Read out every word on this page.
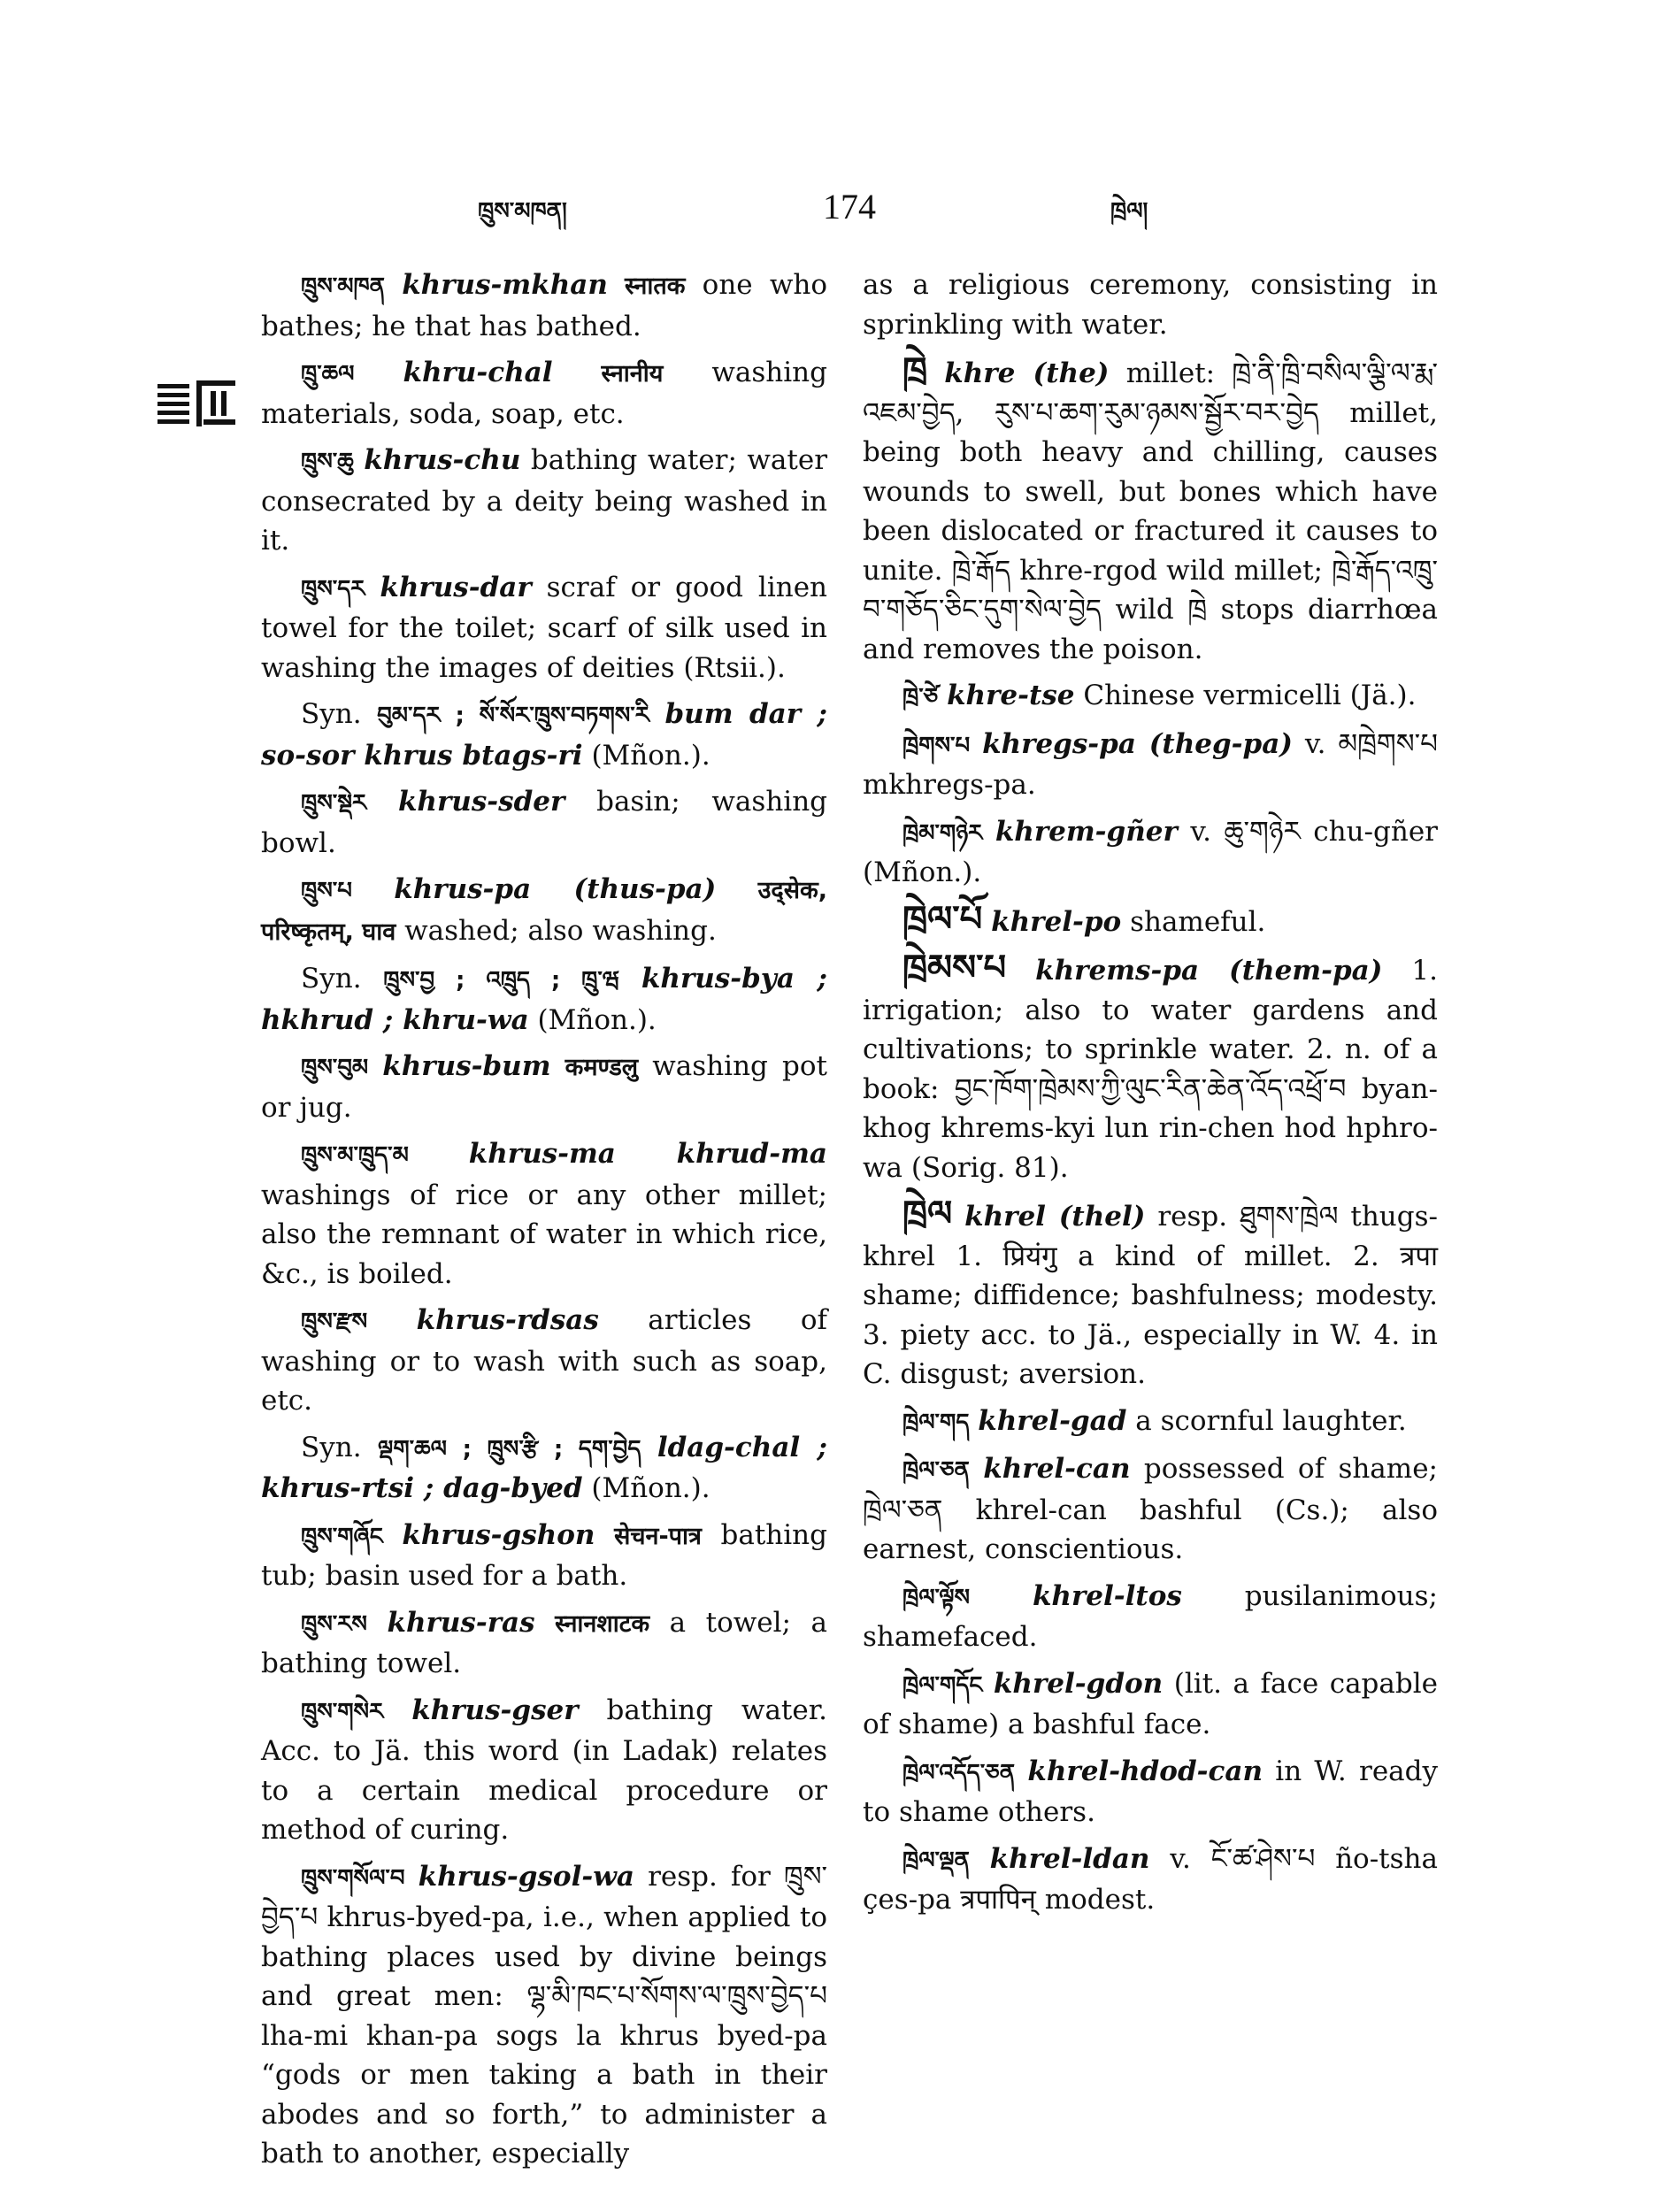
ཁྲུས་མཁན།	174	ཁྲེལ།

ཁྲུས་མཁན khrus-mkhan स्नातक one who bathes; he that has bathed.

ཁྲུ་ཆལ khru-chal स्नानीय washing materials, soda, soap, etc.

ཁྲུས་ཆུ khrus-chu bathing water; water consecrated by a deity being washed in it.

ཁྲུས་དར khrus-dar scraf or good linen towel for the toilet; scarf of silk used in washing the images of deities (Rtsii.).

Syn. བུམ་དར ; སོ་སོར་ཁྲུས་བཏགས་རི bum dar ; so-sor khrus btags-ri (Mñon.).

ཁྲུས་སྡེར khrus-sder basin; washing bowl.

ཁྲུས་པ khrus-pa (thus-pa) उद्सेक, परिष्कृतम्, घाव washed; also washing.

Syn. ཁྲུས་བྱ ; འཁྲུད ; ཁྲུ་ཝ khrus-bya ; hkhrud ; khru-wa (Mñon.).

ཁྲུས་བུམ khrus-bum कमण्डलु washing pot or jug.

ཁྲུས་མ་ཁྲུད་མ khrus-ma khrud-ma washings of rice or any other millet; also the remnant of water in which rice, &c., is boiled.

ཁྲུས་རྫས khrus-rdsas articles of washing or to wash with such as soap, etc.

Syn. ལྡག་ཆལ ; ཁྲུས་རྩི ; དག་བྱེད ldag-chal ; khrus-rtsi ; dag-byed (Mñon.).

ཁྲུས་གཞོང khrus-gshon सेचन-पात्र bathing tub; basin used for a bath.

ཁྲུས་རས khrus-ras स्नानशाटक a towel; a bathing towel.

ཁྲུས་གསེར khrus-gser bathing water. Acc. to Jä. this word (in Ladak) relates to a certain medical procedure or method of curing.

ཁྲུས་གསོལ་བ khrus-gsol-wa resp. for ཁྲུས་བྱེད་པ khrus-byed-pa, i.e., when applied to bathing places used by divine beings and great men: ལྷ་མི་ཁང་པ་སོགས་ལ་ཁྲུས་བྱེད་པ lha-mi khan-pa sogs la khrus byed-pa “gods or men taking a bath in their abodes and so forth,” to administer a bath to another, especially

as a religious ceremony, consisting in sprinkling with water.

ཁྲེ khre (the) millet: ཁྲེ་ནི་ཁྲི་བསིལ་ལྕི་ལ་རྨ་འཇམ་བྱེད, རུས་པ་ཆག་རུམ་ཉམས་སྦྱོར་བར་བྱེད millet, being both heavy and chilling, causes wounds to swell, but bones which have been dislocated or fractured it causes to unite. ཁྲེ་རྒོད khre-rgod wild millet; ཁྲེ་རྒོད་འཁྲུ་བ་གཅོད་ཅིང་དུག་སེལ་བྱེད wild ཁྲེ stops diarrhœa and removes the poison.

ཁྲེ་ཙེ khre-tse Chinese vermicelli (Jä.).

ཁྲེགས་པ khregs-pa (theg-pa) v. མཁྲེགས་པ mkhregs-pa.

ཁྲེམ་གཉེར khrem-gñer v. ཆུ་གཉེར chu-gñer (Mñon.).

ཁྲེལ་པོ khrel-po shameful.

ཁྲེམས་པ khrems-pa (them-pa) 1. irrigation; also to water gardens and cultivations; to sprinkle water. 2. n. of a book: བྱང་ཁོག་ཁྲེམས་ཀྱི་ལུང་རིན་ཆེན་འོད་འཕྲོ་བ byan-khog khrems-kyi lun rin-chen hod hphro-wa (Sorig. 81).

ཁྲེལ khrel (thel) resp. ཐུགས་ཁྲེལ thugs-khrel 1. प्रियंगु a kind of millet. 2. त्रपा shame; diffidence; bashfulness; modesty. 3. piety acc. to Jä., especially in W. 4. in C. disgust; aversion.

ཁྲེལ་གད khrel-gad a scornful laughter.

ཁྲེལ་ཅན khrel-can possessed of shame; ཁྲེལ་ཅན khrel-can bashful (Cs.); also earnest, conscientious.

ཁྲེལ་ལྟོས khrel-ltos pusilanimous; shamefaced.

ཁྲེལ་གདོང khrel-gdon (lit. a face capable of shame) a bashful face.

ཁྲེལ་འདོད་ཅན khrel-hdod-can in W. ready to shame others.

ཁྲེལ་ལྡན khrel-ldan v. ངོ་ཚ་ཤེས་པ ño-tsha çes-pa त्रपापिन् modest.
